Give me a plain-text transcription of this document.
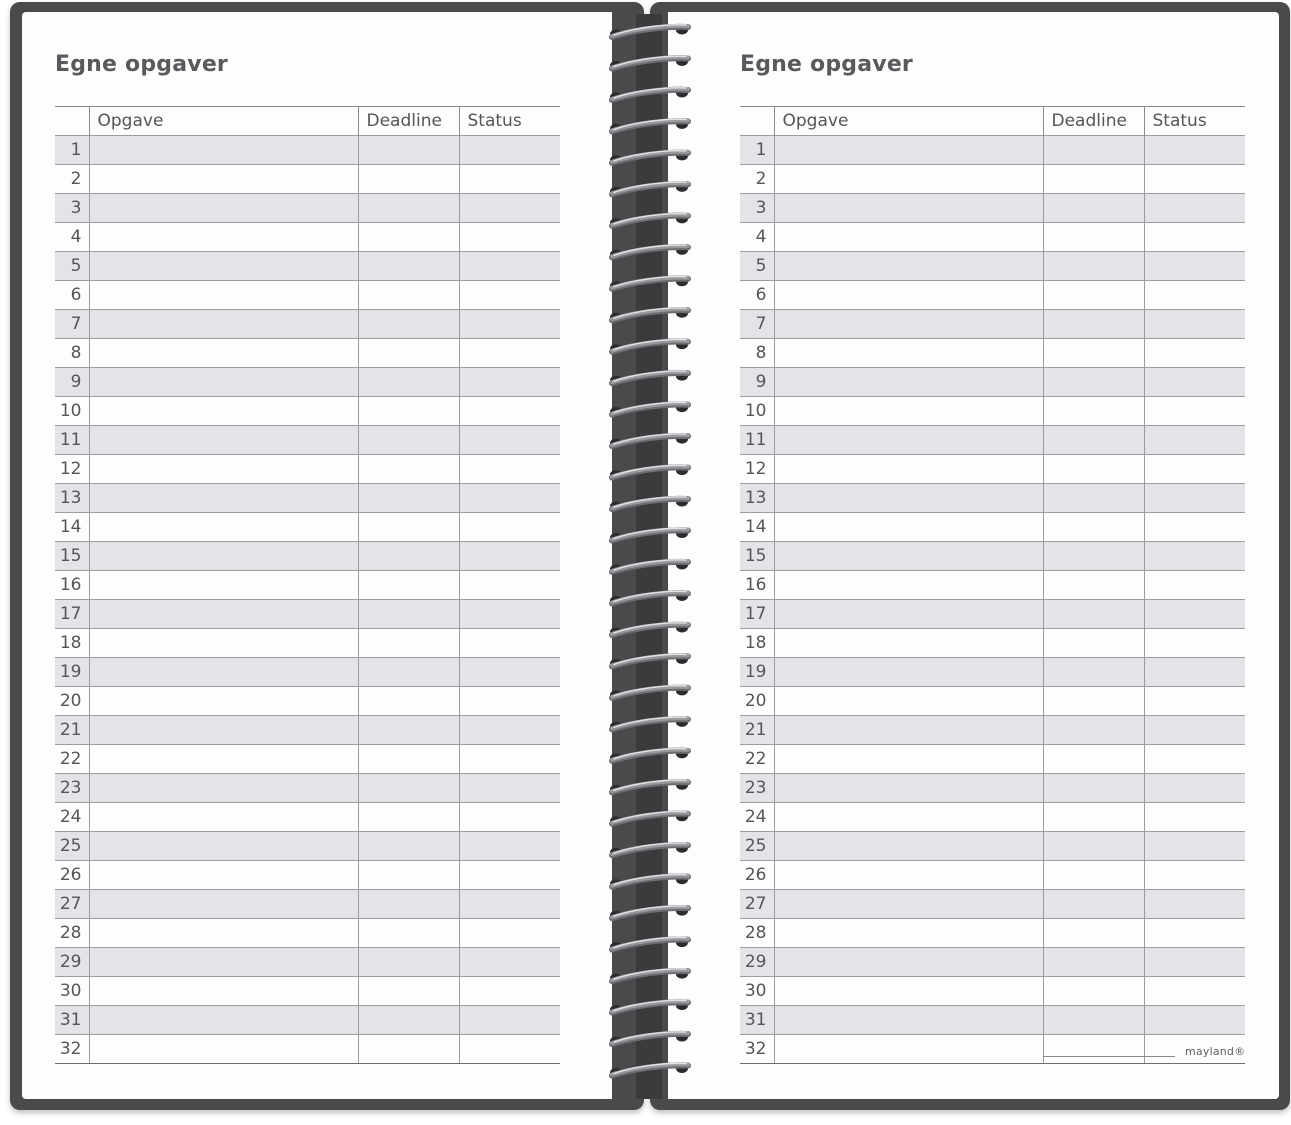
Egne opgaver
	Opgave	Deadline	Status
1			
2			
3			
4			
5			
6			
7			
8			
9			
10			
11			
12			
13			
14			
15			
16			
17			
18			
19			
20			
21			
22			
23			
24			
25			
26			
27			
28			
29			
30			
31			
32			
Egne opgaver
	Opgave	Deadline	Status
1			
2			
3			
4			
5			
6			
7			
8			
9			
10			
11			
12			
13			
14			
15			
16			
17			
18			
19			
20			
21			
22			
23			
24			
25			
26			
27			
28			
29			
30			
31			
32				mayland®
